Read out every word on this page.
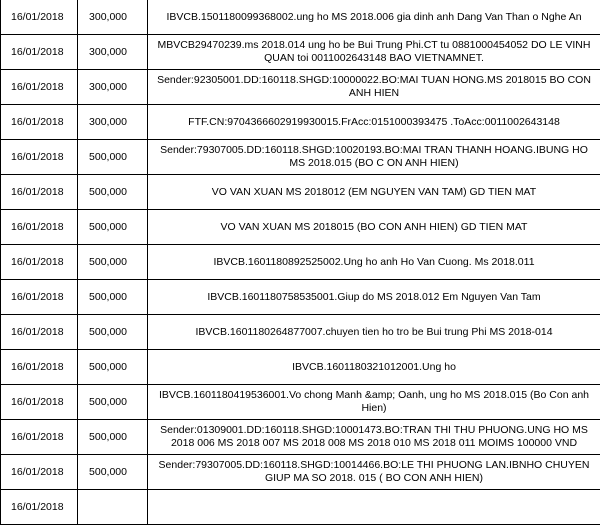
16/01/2018	300,000	IBVCB.1501180099368002.ung ho MS 2018.006 gia dinh anh Dang Van Than o Nghe An
16/01/2018	300,000	MBVCB29470239.ms 2018.014 ung ho be Bui Trung Phi.CT tu 0881000454052 DO LE VINH QUAN toi 0011002643148 BAO VIETNAMNET.
16/01/2018	300,000	Sender:92305001.DD:160118.SHGD:10000022.BO:MAI TUAN HONG.MS 2018015 BO CON ANH HIEN
16/01/2018	300,000	FTF.CN:9704366602919930015.FrAcc:0151000393475 .ToAcc:0011002643148
16/01/2018	500,000	Sender:79307005.DD:160118.SHGD:10020193.BO:MAI TRAN THANH HOANG.IBUNG HO MS 2018.015 (BO C ON ANH HIEN)
16/01/2018	500,000	VO VAN XUAN MS 2018012 (EM NGUYEN VAN TAM) GD TIEN MAT
16/01/2018	500,000	VO VAN XUAN MS 2018015 (BO CON ANH HIEN) GD TIEN MAT
16/01/2018	500,000	IBVCB.1601180892525002.Ung ho anh Ho Van Cuong. Ms 2018.011
16/01/2018	500,000	IBVCB.1601180758535001.Giup do MS 2018.012 Em Nguyen Van Tam
16/01/2018	500,000	IBVCB.1601180264877007.chuyen tien ho tro be Bui trung Phi MS 2018-014
16/01/2018	500,000	IBVCB.1601180321012001.Ung ho
16/01/2018	500,000	IBVCB.1601180419536001.Vo chong Manh &amp; Oanh, ung ho MS 2018.015 (Bo Con anh Hien)
16/01/2018	500,000	Sender:01309001.DD:160118.SHGD:10001473.BO:TRAN THI THU PHUONG.UNG HO MS 2018 006 MS 2018 007 MS 2018 008 MS 2018 010 MS 2018 011 MOIMS 100000 VND
16/01/2018	500,000	Sender:79307005.DD:160118.SHGD:10014466.BO:LE THI PHUONG LAN.IBNHO CHUYEN GIUP MA SO 2018. 015 ( BO CON ANH HIEN)
16/01/2018		
